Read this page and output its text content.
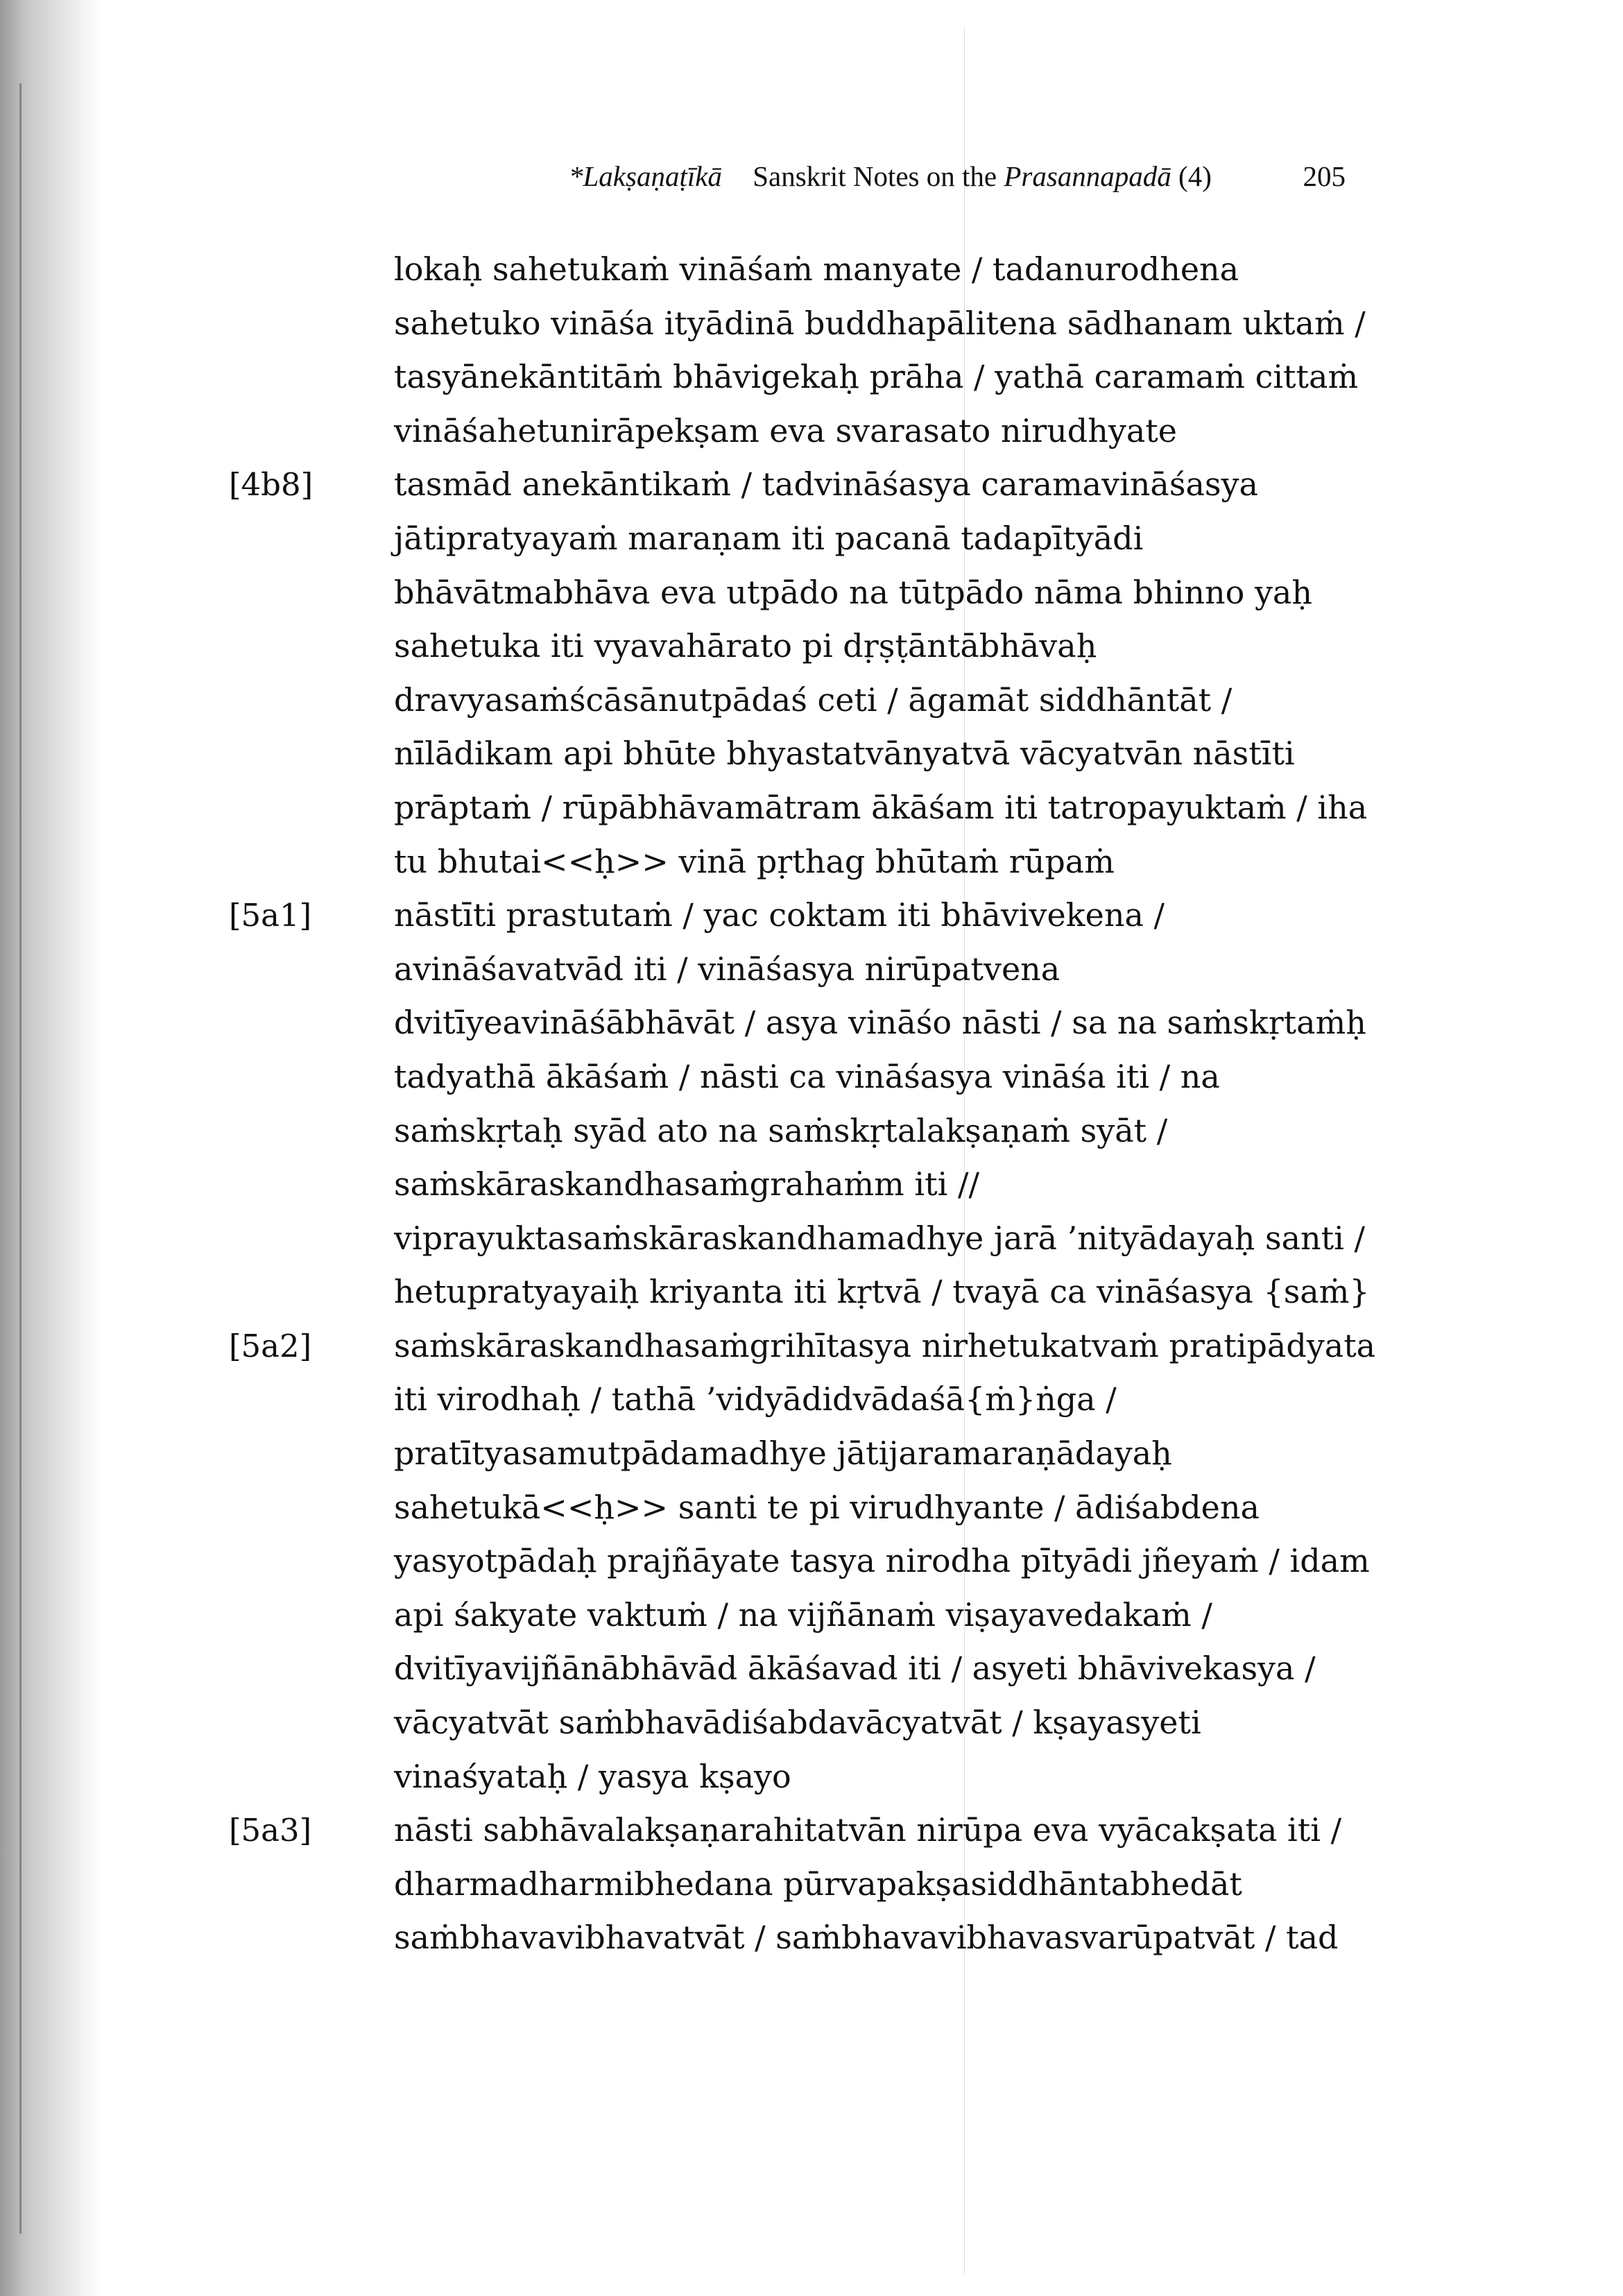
*Lakṣaṇaṭīkā Sanskrit Notes on the Prasannapadā (4)	205
lokaḥ sahetukaṁ vināśaṁ manyate / tadanurodhena
sahetuko vināśa ityādinā buddhapālitena sādhanam uktaṁ /
tasyānekāntitāṁ bhāvigekaḥ prāha / yathā caramaṁ cittaṁ
vināśahetunirāpekṣam eva svarasato nirudhyate
[4b8]	tasmād anekāntikaṁ / tadvināśasya caramavināśasya
jātipratyayaṁ maraṇam iti pacanā tadapītyādi
bhāvātmabhāva eva utpādo na tūtpādo nāma bhinno yaḥ
sahetuka iti vyavahārato pi dṛṣṭāntābhāvaḥ
dravyasaṁścāsānutpādaś ceti / āgamāt siddhāntāt /
nīlādikam api bhūte bhyastatvānyatvā vācyatvān nāstīti
prāptaṁ / rūpābhāvamātram ākāśam iti tatropayuktaṁ / iha
tu bhutai<<ḥ>> vinā pṛthag bhūtaṁ rūpaṁ
[5a1]	nāstīti prastutaṁ / yac coktam iti bhāvivekena /
avināśavatvād iti / vināśasya nirūpatvena
dvitīyeavināśābhāvāt / asya vināśo nāsti / sa na saṁskṛtaṁḥ
tadyathā ākāśaṁ / nāsti ca vināśasya vināśa iti / na
saṁskṛtaḥ syād ato na saṁskṛtalakṣaṇaṁ syāt /
saṁskāraskandhasaṁgrahaṁm iti //
viprayuktasaṁskāraskandhamadhye jarā ’nityādayaḥ santi /
hetupratyayaiḥ kriyanta iti kṛtvā / tvayā ca vināśasya {saṁ}
[5a2]	saṁskāraskandhasaṁgrihītasya nirhetukatvaṁ pratipādyata
iti virodhaḥ / tathā ’vidyādidvādaśā{ṁ}ṅga /
pratītyasamutpādamadhye jātijaramaraṇādayaḥ
sahetukā<<ḥ>> santi te pi virudhyante / ādiśabdena
yasyotpādaḥ prajñāyate tasya nirodha pītyādi jñeyaṁ / idam
api śakyate vaktuṁ / na vijñānaṁ viṣayavedakaṁ /
dvitīyavijñānābhāvād ākāśavad iti / asyeti bhāvivekasya /
vācyatvāt saṁbhavādiśabdavācyatvāt / kṣayasyeti
vinaśyataḥ / yasya kṣayo
[5a3]	nāsti sabhāvalakṣaṇarahitatvān nirūpa eva vyācakṣata iti /
dharmadharmibhedana pūrvapakṣasiddhāntabhedāt
saṁbhavavibhavatvāt / saṁbhavavibhavasvarūpatvāt / tad
